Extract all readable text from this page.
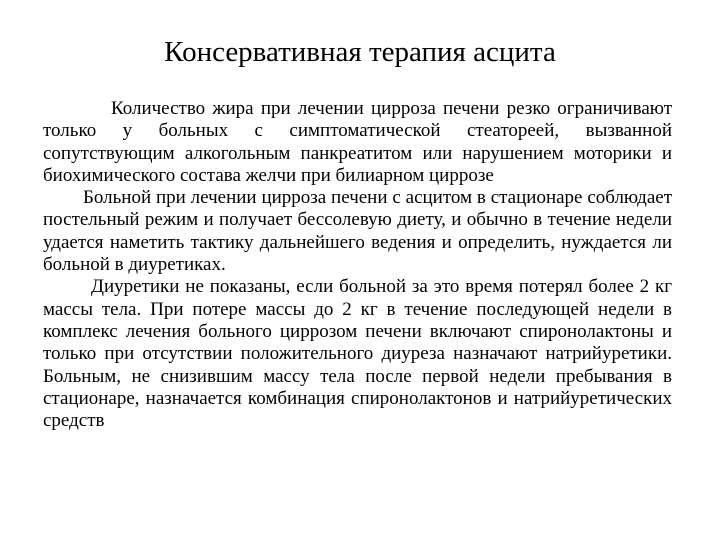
Консервативная терапия асцита

Количество жира при лечении цирроза печени резко ограничивают только у больных с симптоматической стеатореей, вызванной сопутствующим алкогольным панкреатитом или нарушением моторики и биохимического состава желчи при билиарном циррозе

Больной при лечении цирроза печени с асцитом в стационаре соблюдает постельный режим и получает бессолевую диету, и обычно в течение недели удается наметить тактику дальнейшего ведения и определить, нуждается ли больной в диуретиках.

Диуретики не показаны, если больной за это время потерял более 2 кг массы тела. При потере массы до 2 кг в течение последующей недели в комплекс лечения больного циррозом печени включают спиронолактоны и только при отсутствии положительного диуреза назначают натрийуретики. Больным, не снизившим массу тела после первой недели пребывания в стационаре, назначается комбинация спиронолактонов и натрийуретических средств
